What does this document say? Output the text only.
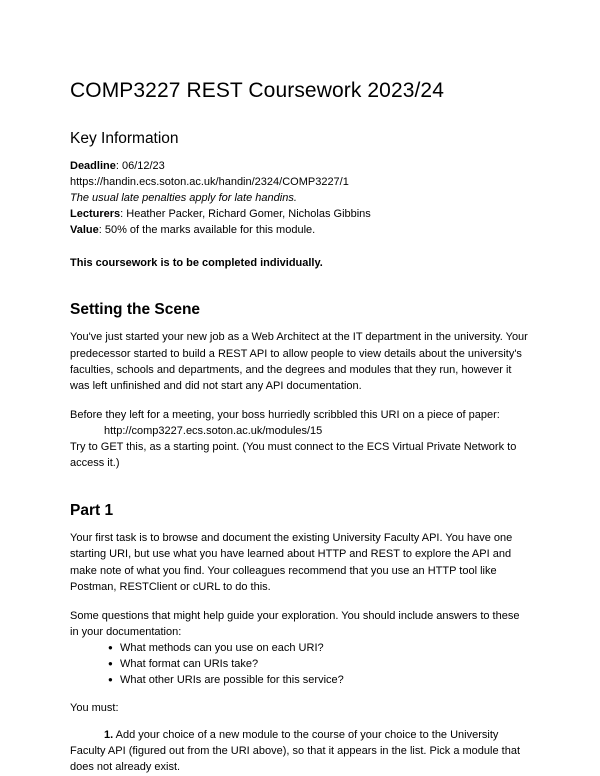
COMP3227 REST Coursework 2023/24
Key Information
Deadline: 06/12/23
https://handin.ecs.soton.ac.uk/handin/2324/COMP3227/1
The usual late penalties apply for late handins.
Lecturers: Heather Packer, Richard Gomer, Nicholas Gibbins
Value: 50% of the marks available for this module.
This coursework is to be completed individually.
Setting the Scene

You've just started your new job as a Web Architect at the IT department in the university. Your predecessor started to build a REST API to allow people to view details about the university's faculties, schools and departments, and the degrees and modules that they run, however it was left unfinished and did not start any API documentation.

Before they left for a meeting, your boss hurriedly scribbled this URI on a piece of paper:

http://comp3227.ecs.soton.ac.uk/modules/15

Try to GET this, as a starting point. (You must connect to the ECS Virtual Private Network to access it.)

Part 1

Your first task is to browse and document the existing University Faculty API. You have one starting URI, but use what you have learned about HTTP and REST to explore the API and make note of what you find. Your colleagues recommend that you use an HTTP tool like Postman, RESTClient or cURL to do this.

Some questions that might help guide your exploration. You should include answers to these in your documentation:

● What methods can you use on each URI?
● What format can URIs take?
● What other URIs are possible for this service?

You must:

1. Add your choice of a new module to the course of your choice to the University Faculty API (figured out from the URI above), so that it appears in the list. Pick a module that does not already exist.
